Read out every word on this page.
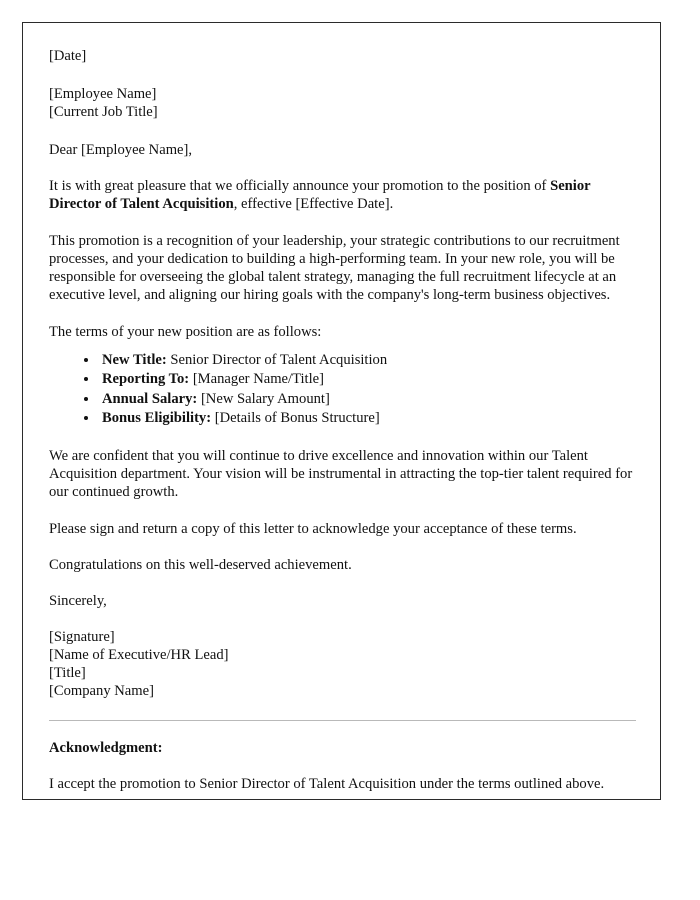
[Date]
[Employee Name]
[Current Job Title]
Dear [Employee Name],

It is with great pleasure that we officially announce your promotion to the position of Senior Director of Talent Acquisition, effective [Effective Date].

This promotion is a recognition of your leadership, your strategic contributions to our recruitment processes, and your dedication to building a high-performing team. In your new role, you will be responsible for overseeing the global talent strategy, managing the full recruitment lifecycle at an executive level, and aligning our hiring goals with the company's long-term business objectives.

The terms of your new position are as follows:

• New Title: Senior Director of Talent Acquisition
• Reporting To: [Manager Name/Title]
• Annual Salary: [New Salary Amount]
• Bonus Eligibility: [Details of Bonus Structure]

We are confident that you will continue to drive excellence and innovation within our Talent Acquisition department. Your vision will be instrumental in attracting the top-tier talent required for our continued growth.

Please sign and return a copy of this letter to acknowledge your acceptance of these terms.

Congratulations on this well-deserved achievement.

Sincerely,
[Signature]
[Name of Executive/HR Lead]
[Title]
[Company Name]
Acknowledgment:

I accept the promotion to Senior Director of Talent Acquisition under the terms outlined above.
